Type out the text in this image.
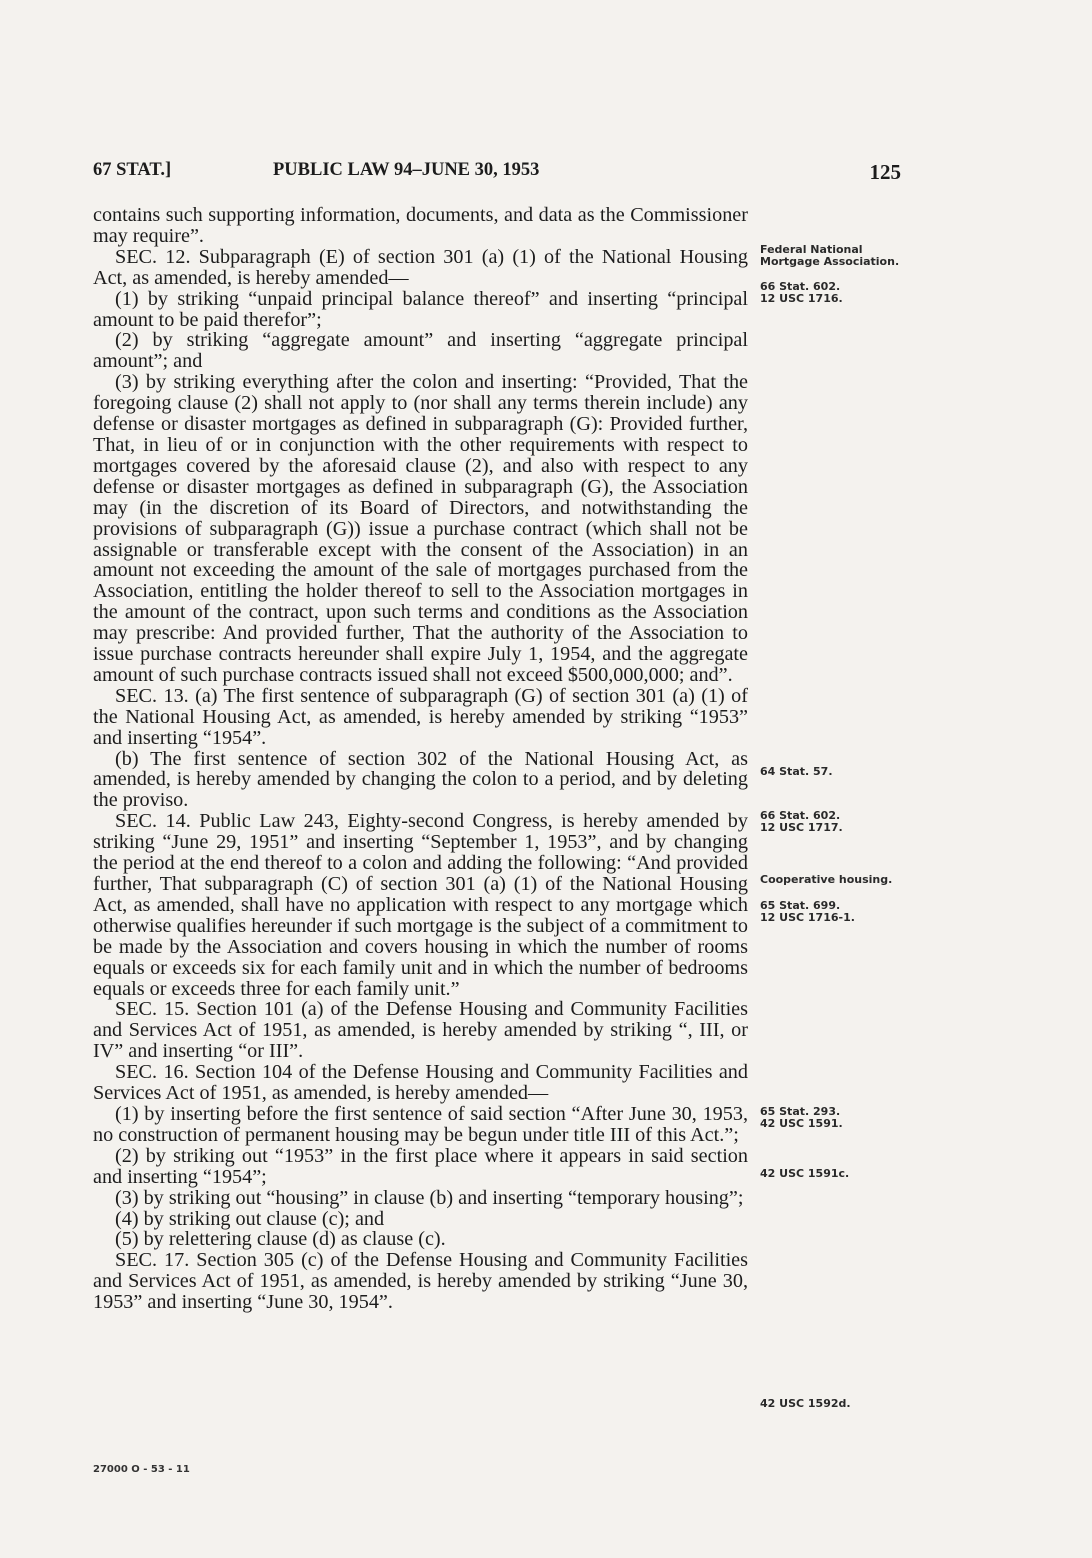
67 STAT.]	PUBLIC LAW 94–JUNE 30, 1953	125

contains such supporting information, documents, and data as the Commissioner may require”.

SEC. 12. Subparagraph (E) of section 301 (a) (1) of the National Housing Act, as amended, is hereby amended—

(1) by striking “unpaid principal balance thereof” and inserting “principal amount to be paid therefor”;

(2) by striking “aggregate amount” and inserting “aggregate principal amount”; and

(3) by striking everything after the colon and inserting: “Provided, That the foregoing clause (2) shall not apply to (nor shall any terms therein include) any defense or disaster mortgages as defined in subparagraph (G): Provided further, That, in lieu of or in conjunction with the other requirements with respect to mortgages covered by the aforesaid clause (2), and also with respect to any defense or disaster mortgages as defined in subparagraph (G), the Association may (in the discretion of its Board of Directors, and notwithstanding the provisions of subparagraph (G)) issue a purchase contract (which shall not be assignable or transferable except with the consent of the Association) in an amount not exceeding the amount of the sale of mortgages purchased from the Association, entitling the holder thereof to sell to the Association mortgages in the amount of the contract, upon such terms and conditions as the Association may prescribe: And provided further, That the authority of the Association to issue purchase contracts hereunder shall expire July 1, 1954, and the aggregate amount of such purchase contracts issued shall not exceed $500,000,000; and”.

SEC. 13. (a) The first sentence of subparagraph (G) of section 301 (a) (1) of the National Housing Act, as amended, is hereby amended by striking “1953” and inserting “1954”.

(b) The first sentence of section 302 of the National Housing Act, as amended, is hereby amended by changing the colon to a period, and by deleting the proviso.

SEC. 14. Public Law 243, Eighty-second Congress, is hereby amended by striking “June 29, 1951” and inserting “September 1, 1953”, and by changing the period at the end thereof to a colon and adding the following: “And provided further, That subparagraph (C) of section 301 (a) (1) of the National Housing Act, as amended, shall have no application with respect to any mortgage which otherwise qualifies hereunder if such mortgage is the subject of a commitment to be made by the Association and covers housing in which the number of rooms equals or exceeds six for each family unit and in which the number of bedrooms equals or exceeds three for each family unit.”

SEC. 15. Section 101 (a) of the Defense Housing and Community Facilities and Services Act of 1951, as amended, is hereby amended by striking “, III, or IV” and inserting “or III”.

SEC. 16. Section 104 of the Defense Housing and Community Facilities and Services Act of 1951, as amended, is hereby amended—

(1) by inserting before the first sentence of said section “After June 30, 1953, no construction of permanent housing may be begun under title III of this Act.”;

(2) by striking out “1953” in the first place where it appears in said section and inserting “1954”;

(3) by striking out “housing” in clause (b) and inserting “temporary housing”;

(4) by striking out clause (c); and

(5) by relettering clause (d) as clause (c).

SEC. 17. Section 305 (c) of the Defense Housing and Community Facilities and Services Act of 1951, as amended, is hereby amended by striking “June 30, 1953” and inserting “June 30, 1954”.

Federal National Mortgage Association.
66 Stat. 602.
12 USC 1716.
64 Stat. 57.
66 Stat. 602.
12 USC 1717.
Cooperative housing.
65 Stat. 699.
12 USC 1716-1.
65 Stat. 293.
42 USC 1591.
42 USC 1591c.
42 USC 1592d.
27000 O - 53 - 11
